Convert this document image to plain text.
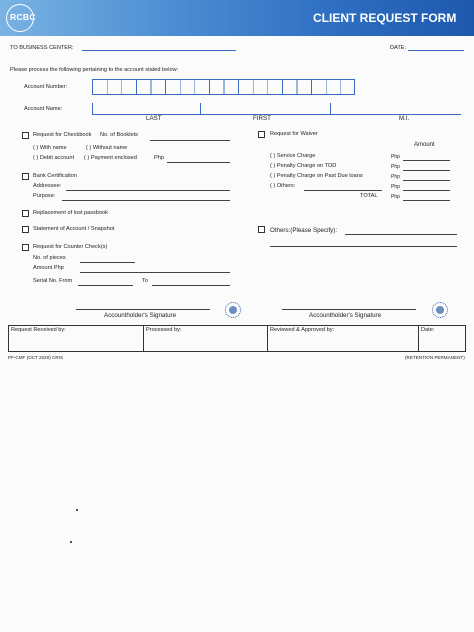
RCBC	CLIENT REQUEST FORM
TO BUSINESS CENTER:	DATE:
Please process the following pertaining to the account stated below:
Account Number:
Account Name:
LAST	FIRST	M.I.
Request for Checkbook No. of Booklets
( ) With name	( ) Without name
( ) Debit account ( ) Payment enclosed	Php
Bank Certification
Addressee:
Purpose:
Replacement of lost passbook
Statement of Account / Snapshot
Request for Counter Check(s)
No. of pieces
Amount Php
Serial No. From	To
Request for Waiver
Amount
( ) Service Charge	Php
( ) Penalty Charge on TOD	Php
( ) Penalty Charge on Past Due loans	Php
( ) Others:	Php
TOTAL	Php
Others:(Please Specify):
Accountholder's Signature	Accountholder's Signature
Request Received by:	Processed by:	Reviewed & Approved by:	Date:
PF-CMF (OCT 2020) CRIS	(RETENTION PERMANENT)
